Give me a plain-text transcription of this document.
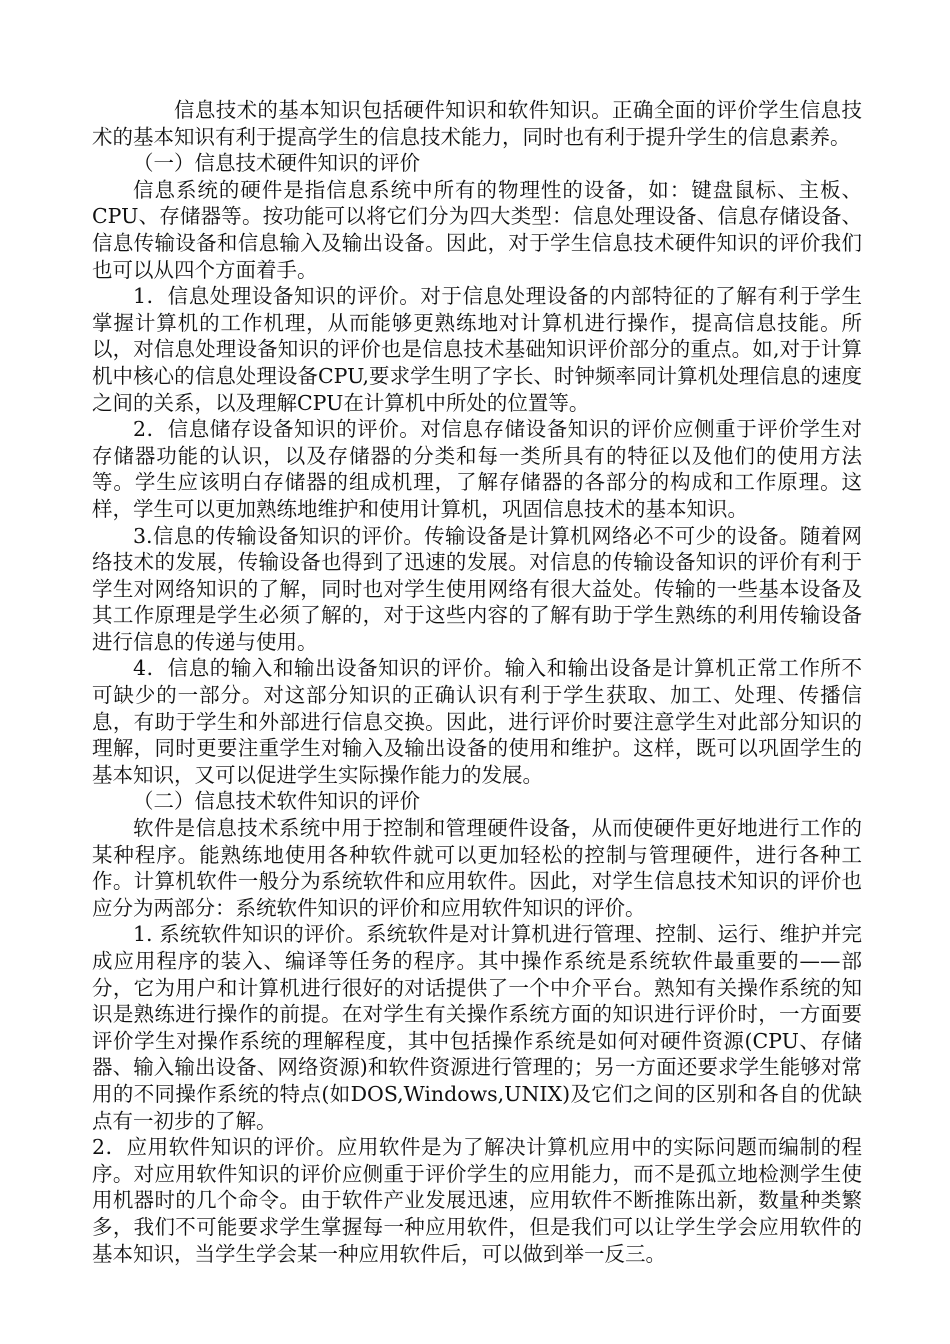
信息技术的基本知识包括硬件知识和软件知识。正确全面的评价学生信息技术的基本知识有利于提高学生的信息技术能力，同时也有利于提升学生的信息素养。

（一）信息技术硬件知识的评价

信息系统的硬件是指信息系统中所有的物理性的设备，如：键盘鼠标、主板、CPU、存储器等。按功能可以将它们分为四大类型：信息处理设备、信息存储设备、信息传输设备和信息输入及输出设备。因此，对于学生信息技术硬件知识的评价我们也可以从四个方面着手。

1．信息处理设备知识的评价。对于信息处理设备的内部特征的了解有利于学生掌握计算机的工作机理，从而能够更熟练地对计算机进行操作，提高信息技能。所以，对信息处理设备知识的评价也是信息技术基础知识评价部分的重点。如,对于计算机中核心的信息处理设备CPU,要求学生明了字长、时钟频率同计算机处理信息的速度之间的关系，以及理解CPU在计算机中所处的位置等。

2．信息储存设备知识的评价。对信息存储设备知识的评价应侧重于评价学生对存储器功能的认识，以及存储器的分类和每一类所具有的特征以及他们的使用方法等。学生应该明白存储器的组成机理，了解存储器的各部分的构成和工作原理。这样，学生可以更加熟练地维护和使用计算机，巩固信息技术的基本知识。

3.信息的传输设备知识的评价。传输设备是计算机网络必不可少的设备。随着网络技术的发展，传输设备也得到了迅速的发展。对信息的传输设备知识的评价有利于学生对网络知识的了解，同时也对学生使用网络有很大益处。传输的一些基本设备及其工作原理是学生必须了解的，对于这些内容的了解有助于学生熟练的利用传输设备进行信息的传递与使用。

4．信息的输入和输出设备知识的评价。输入和输出设备是计算机正常工作所不可缺少的一部分。对这部分知识的正确认识有利于学生获取、加工、处理、传播信息，有助于学生和外部进行信息交换。因此，进行评价时要注意学生对此部分知识的理解，同时更要注重学生对输入及输出设备的使用和维护。这样，既可以巩固学生的基本知识，又可以促进学生实际操作能力的发展。

（二）信息技术软件知识的评价

软件是信息技术系统中用于控制和管理硬件设备，从而使硬件更好地进行工作的某种程序。能熟练地使用各种软件就可以更加轻松的控制与管理硬件，进行各种工作。计算机软件一般分为系统软件和应用软件。因此，对学生信息技术知识的评价也应分为两部分：系统软件知识的评价和应用软件知识的评价。

1. 系统软件知识的评价。系统软件是对计算机进行管理、控制、运行、维护并完成应用程序的装入、编译等任务的程序。其中操作系统是系统软件最重要的——部分，它为用户和计算机进行很好的对话提供了一个中介平台。熟知有关操作系统的知识是熟练进行操作的前提。在对学生有关操作系统方面的知识进行评价时，一方面要评价学生对操作系统的理解程度，其中包括操作系统是如何对硬件资源(CPU、存储器、输入输出设备、网络资源)和软件资源进行管理的；另一方面还要求学生能够对常用的不同操作系统的特点(如DOS,Windows,UNIX)及它们之间的区别和各自的优缺点有一初步的了解。

2．应用软件知识的评价。应用软件是为了解决计算机应用中的实际问题而编制的程序。对应用软件知识的评价应侧重于评价学生的应用能力，而不是孤立地检测学生使用机器时的几个命令。由于软件产业发展迅速，应用软件不断推陈出新，数量种类繁多，我们不可能要求学生掌握每一种应用软件，但是我们可以让学生学会应用软件的基本知识，当学生学会某一种应用软件后，可以做到举一反三。
